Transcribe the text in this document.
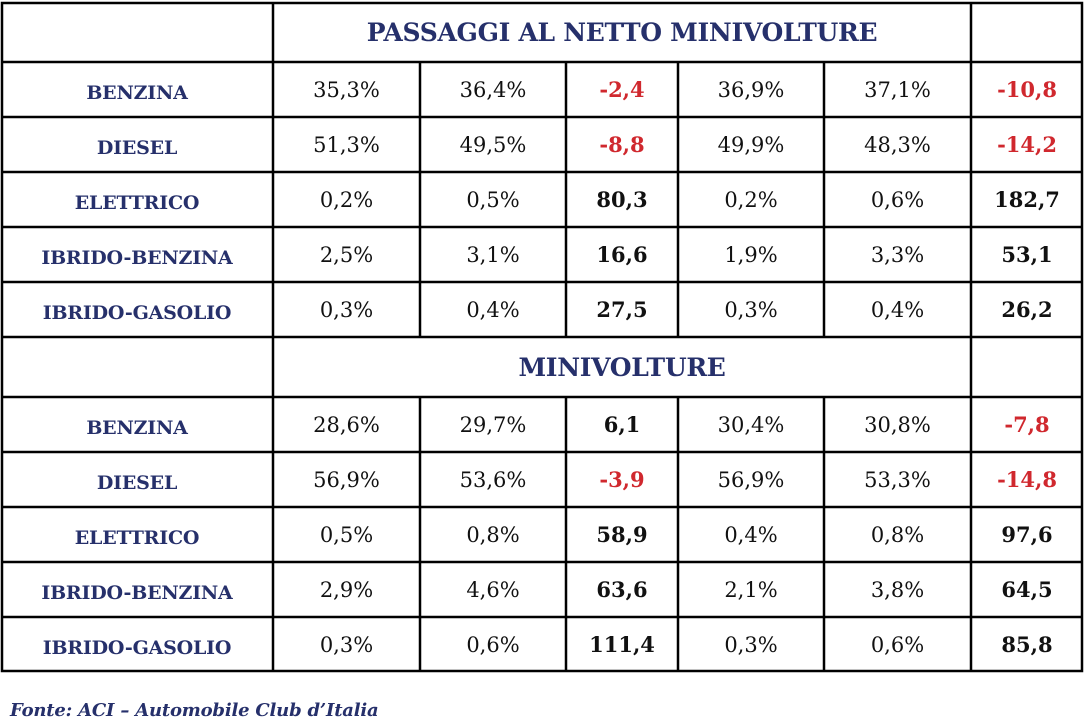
PASSAGGI AL NETTO MINIVOLTURE
BENZINA	35,3%	36,4%	-2,4	36,9%	37,1%	-10,8
DIESEL	51,3%	49,5%	-8,8	49,9%	48,3%	-14,2
ELETTRICO	0,2%	0,5%	80,3	0,2%	0,6%	182,7
IBRIDO-BENZINA	2,5%	3,1%	16,6	1,9%	3,3%	53,1
IBRIDO-GASOLIO	0,3%	0,4%	27,5	0,3%	0,4%	26,2
MINIVOLTURE
BENZINA	28,6%	29,7%	6,1	30,4%	30,8%	-7,8
DIESEL	56,9%	53,6%	-3,9	56,9%	53,3%	-14,8
ELETTRICO	0,5%	0,8%	58,9	0,4%	0,8%	97,6
IBRIDO-BENZINA	2,9%	4,6%	63,6	2,1%	3,8%	64,5
IBRIDO-GASOLIO	0,3%	0,6%	111,4	0,3%	0,6%	85,8
Fonte: ACI – Automobile Club d’Italia
